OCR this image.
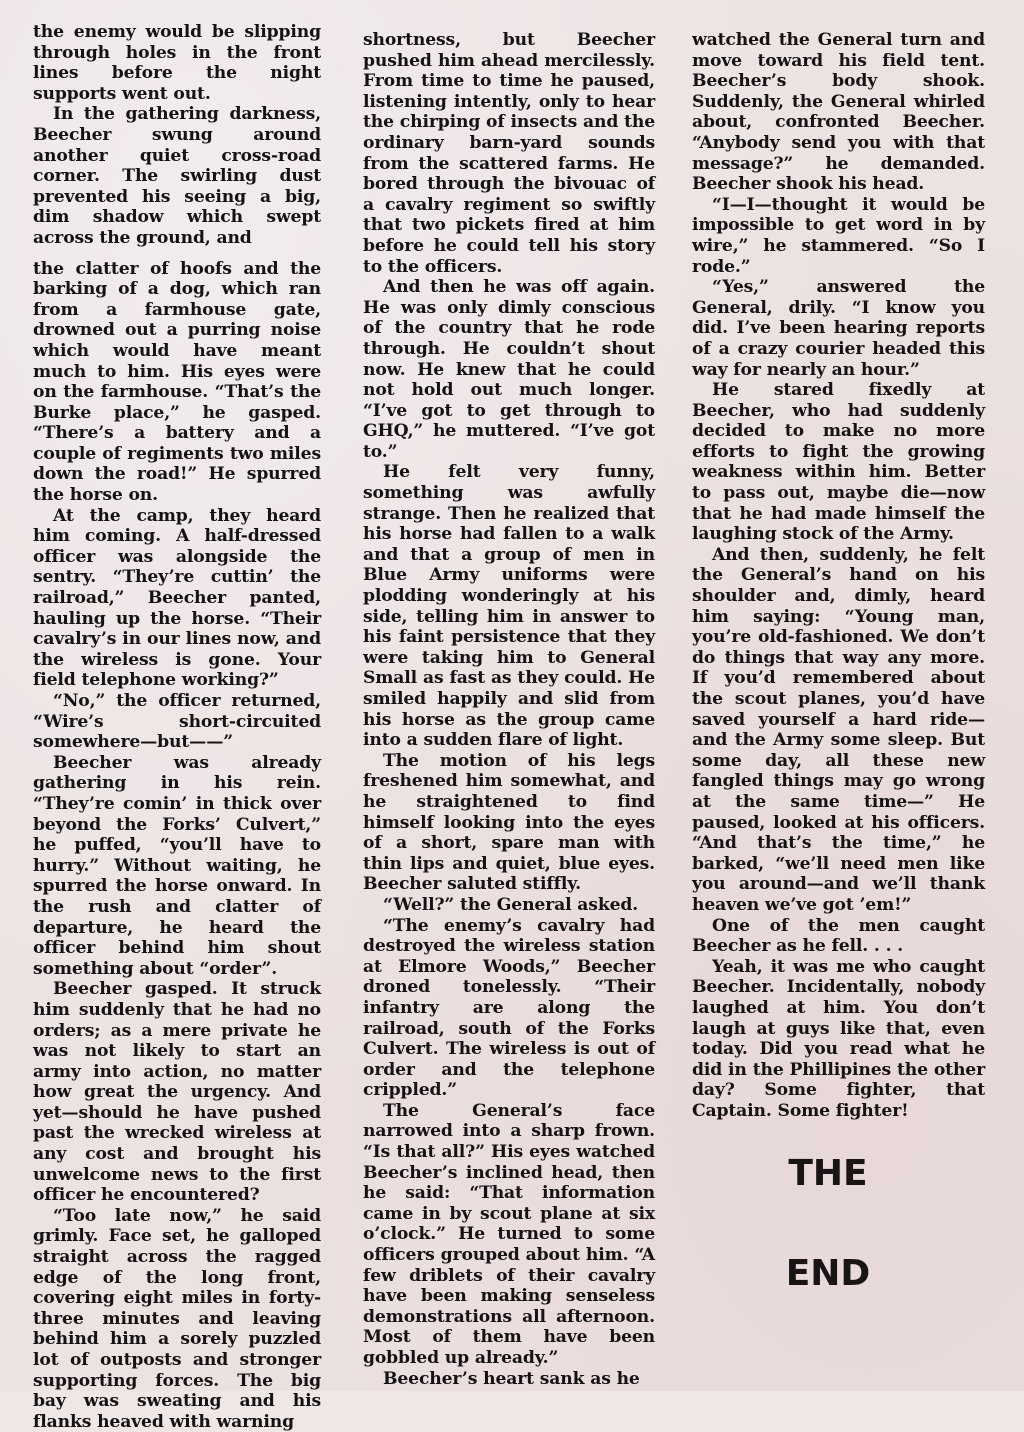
the enemy would be slipping through holes in the front lines before the night supports went out.

In the gathering darkness, Beecher swung around another quiet cross-road corner. The swirling dust prevented his seeing a big, dim shadow which swept across the ground, and

the clatter of hoofs and the barking of a dog, which ran from a farmhouse gate, drowned out a purring noise which would have meant much to him. His eyes were on the farmhouse. “That’s the Burke place,” he gasped. “There’s a battery and a couple of regiments two miles down the road!” He spurred the horse on.

At the camp, they heard him coming. A half-dressed officer was alongside the sentry. “They’re cuttin’ the railroad,” Beecher panted, hauling up the horse. “Their cavalry’s in our lines now, and the wireless is gone. Your field telephone working?”

“No,” the officer returned, “Wire’s short-circuited somewhere—but——”

Beecher was already gathering in his rein. “They’re comin’ in thick over beyond the Forks’ Culvert,” he puffed, “you’ll have to hurry.” Without waiting, he spurred the horse onward. In the rush and clatter of departure, he heard the officer behind him shout something about “order”.

Beecher gasped. It struck him suddenly that he had no orders; as a mere private he was not likely to start an army into action, no matter how great the urgency. And yet—should he have pushed past the wrecked wireless at any cost and brought his unwelcome news to the first officer he encountered?

“Too late now,” he said grimly. Face set, he galloped straight across the ragged edge of the long front, covering eight miles in forty-three minutes and leaving behind him a sorely puzzled lot of outposts and stronger supporting forces. The big bay was sweating and his flanks heaved with warning

shortness, but Beecher pushed him ahead mercilessly. From time to time he paused, listening intently, only to hear the chirping of insects and the ordinary barn-yard sounds from the scattered farms. He bored through the bivouac of a cavalry regiment so swiftly that two pickets fired at him before he could tell his story to the officers.

And then he was off again. He was only dimly conscious of the country that he rode through. He couldn’t shout now. He knew that he could not hold out much longer. “I’ve got to get through to GHQ,” he muttered. “I’ve got to.”

He felt very funny, something was awfully strange. Then he realized that his horse had fallen to a walk and that a group of men in Blue Army uniforms were plodding wonderingly at his side, telling him in answer to his faint persistence that they were taking him to General Small as fast as they could. He smiled happily and slid from his horse as the group came into a sudden flare of light.

The motion of his legs freshened him somewhat, and he straightened to find himself looking into the eyes of a short, spare man with thin lips and quiet, blue eyes. Beecher saluted stiffly.

“Well?” the General asked.

“The enemy’s cavalry had destroyed the wireless station at Elmore Woods,” Beecher droned tonelessly. “Their infantry are along the railroad, south of the Forks Culvert. The wireless is out of order and the telephone crippled.”

The General’s face narrowed into a sharp frown. “Is that all?” His eyes watched Beecher’s inclined head, then he said: “That information came in by scout plane at six o’clock.” He turned to some officers grouped about him. “A few driblets of their cavalry have been making senseless demonstrations all afternoon. Most of them have been gobbled up already.”

Beecher’s heart sank as he

watched the General turn and move toward his field tent. Beecher’s body shook. Suddenly, the General whirled about, confronted Beecher. “Anybody send you with that message?” he demanded. Beecher shook his head.

“I—I—thought it would be impossible to get word in by wire,” he stammered. “So I rode.”

“Yes,” answered the General, drily. “I know you did. I’ve been hearing reports of a crazy courier headed this way for nearly an hour.”

He stared fixedly at Beecher, who had suddenly decided to make no more efforts to fight the growing weakness within him. Better to pass out, maybe die—now that he had made himself the laughing stock of the Army.

And then, suddenly, he felt the General’s hand on his shoulder and, dimly, heard him saying: “Young man, you’re old-fashioned. We don’t do things that way any more. If you’d remembered about the scout planes, you’d have saved yourself a hard ride—and the Army some sleep. But some day, all these new fangled things may go wrong at the same time—” He paused, looked at his officers. “And that’s the time,” he barked, “we’ll need men like you around—and we’ll thank heaven we’ve got ’em!”

One of the men caught Beecher as he fell. . . .

Yeah, it was me who caught Beecher. Incidentally, nobody laughed at him. You don’t laugh at guys like that, even today. Did you read what he did in the Phillipines the other day? Some fighter, that Captain. Some fighter!

THE
END
